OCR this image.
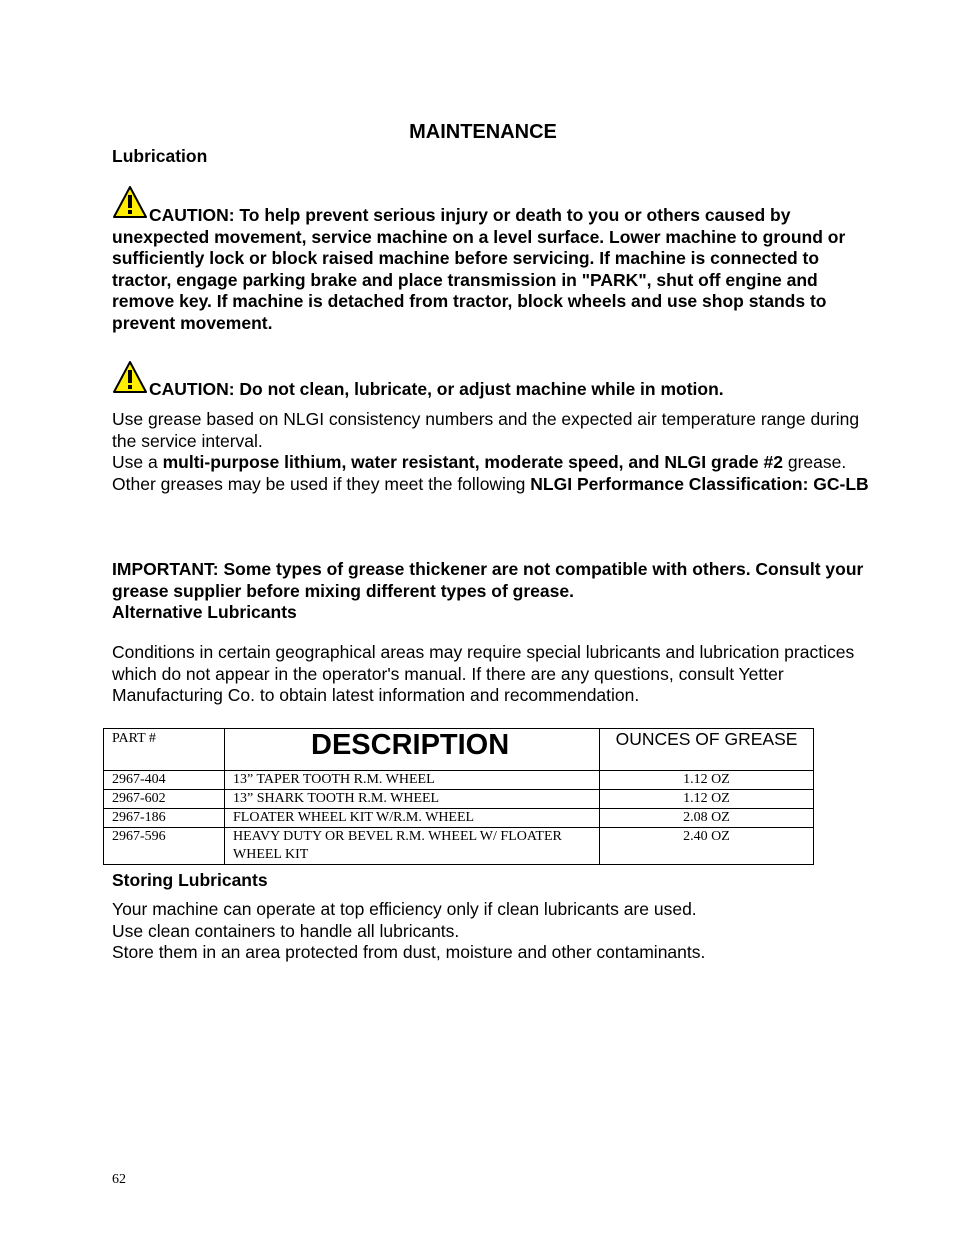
MAINTENANCE
Lubrication
CAUTION: To help prevent serious injury or death to you or others caused by unexpected movement, service machine on a level surface. Lower machine to ground or sufficiently lock or block raised machine before servicing. If machine is connected to tractor, engage parking brake and place transmission in "PARK", shut off engine and remove key. If machine is detached from tractor, block wheels and use shop stands to prevent movement.
CAUTION: Do not clean, lubricate, or adjust machine while in motion.
Use grease based on NLGI consistency numbers and the expected air temperature range during the service interval.
Use a multi-purpose lithium, water resistant, moderate speed, and NLGI grade #2 grease.
Other greases may be used if they meet the following NLGI Performance Classification: GC-LB
IMPORTANT: Some types of grease thickener are not compatible with others. Consult your grease supplier before mixing different types of grease.
Alternative Lubricants
Conditions in certain geographical areas may require special lubricants and lubrication practices which do not appear in the operator's manual. If there are any questions, consult Yetter Manufacturing Co. to obtain latest information and recommendation.
PART #	DESCRIPTION	OUNCES OF GREASE
2967-404	13” TAPER TOOTH R.M. WHEEL	1.12 OZ
2967-602	13” SHARK TOOTH R.M. WHEEL	1.12 OZ
2967-186	FLOATER WHEEL KIT W/R.M. WHEEL	2.08 OZ
2967-596	HEAVY DUTY OR BEVEL R.M. WHEEL W/ FLOATER WHEEL KIT	2.40 OZ
Storing Lubricants
Your machine can operate at top efficiency only if clean lubricants are used.
Use clean containers to handle all lubricants.
Store them in an area protected from dust, moisture and other contaminants.
62
